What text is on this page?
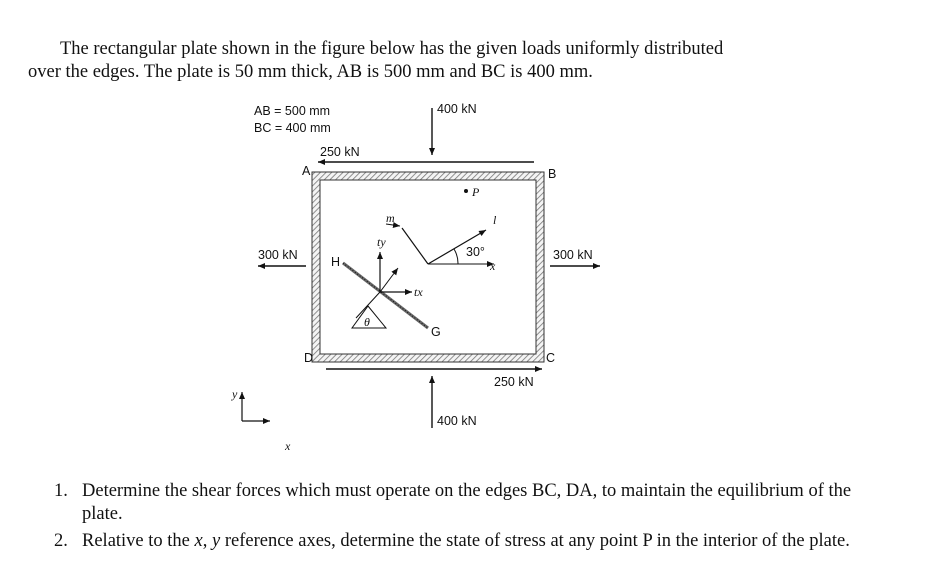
The rectangular plate shown in the figure below has the given loads uniformly distributed
over the edges. The plate is 50 mm thick, AB is 500 mm and BC is 400 mm.
AB = 500 mm
BC = 400 mm
A	B
C
D
400 kN
250 kN
300 kN	300 kN
250 kN
400 kN
P
m	l
30°
x
ty
tx
θ
H
G
y
x
1. Determine the shear forces which must operate on the edges BC, DA, to maintain the equilibrium of the plate.
2. Relative to the x, y reference axes, determine the state of stress at any point P in the interior of the plate.
